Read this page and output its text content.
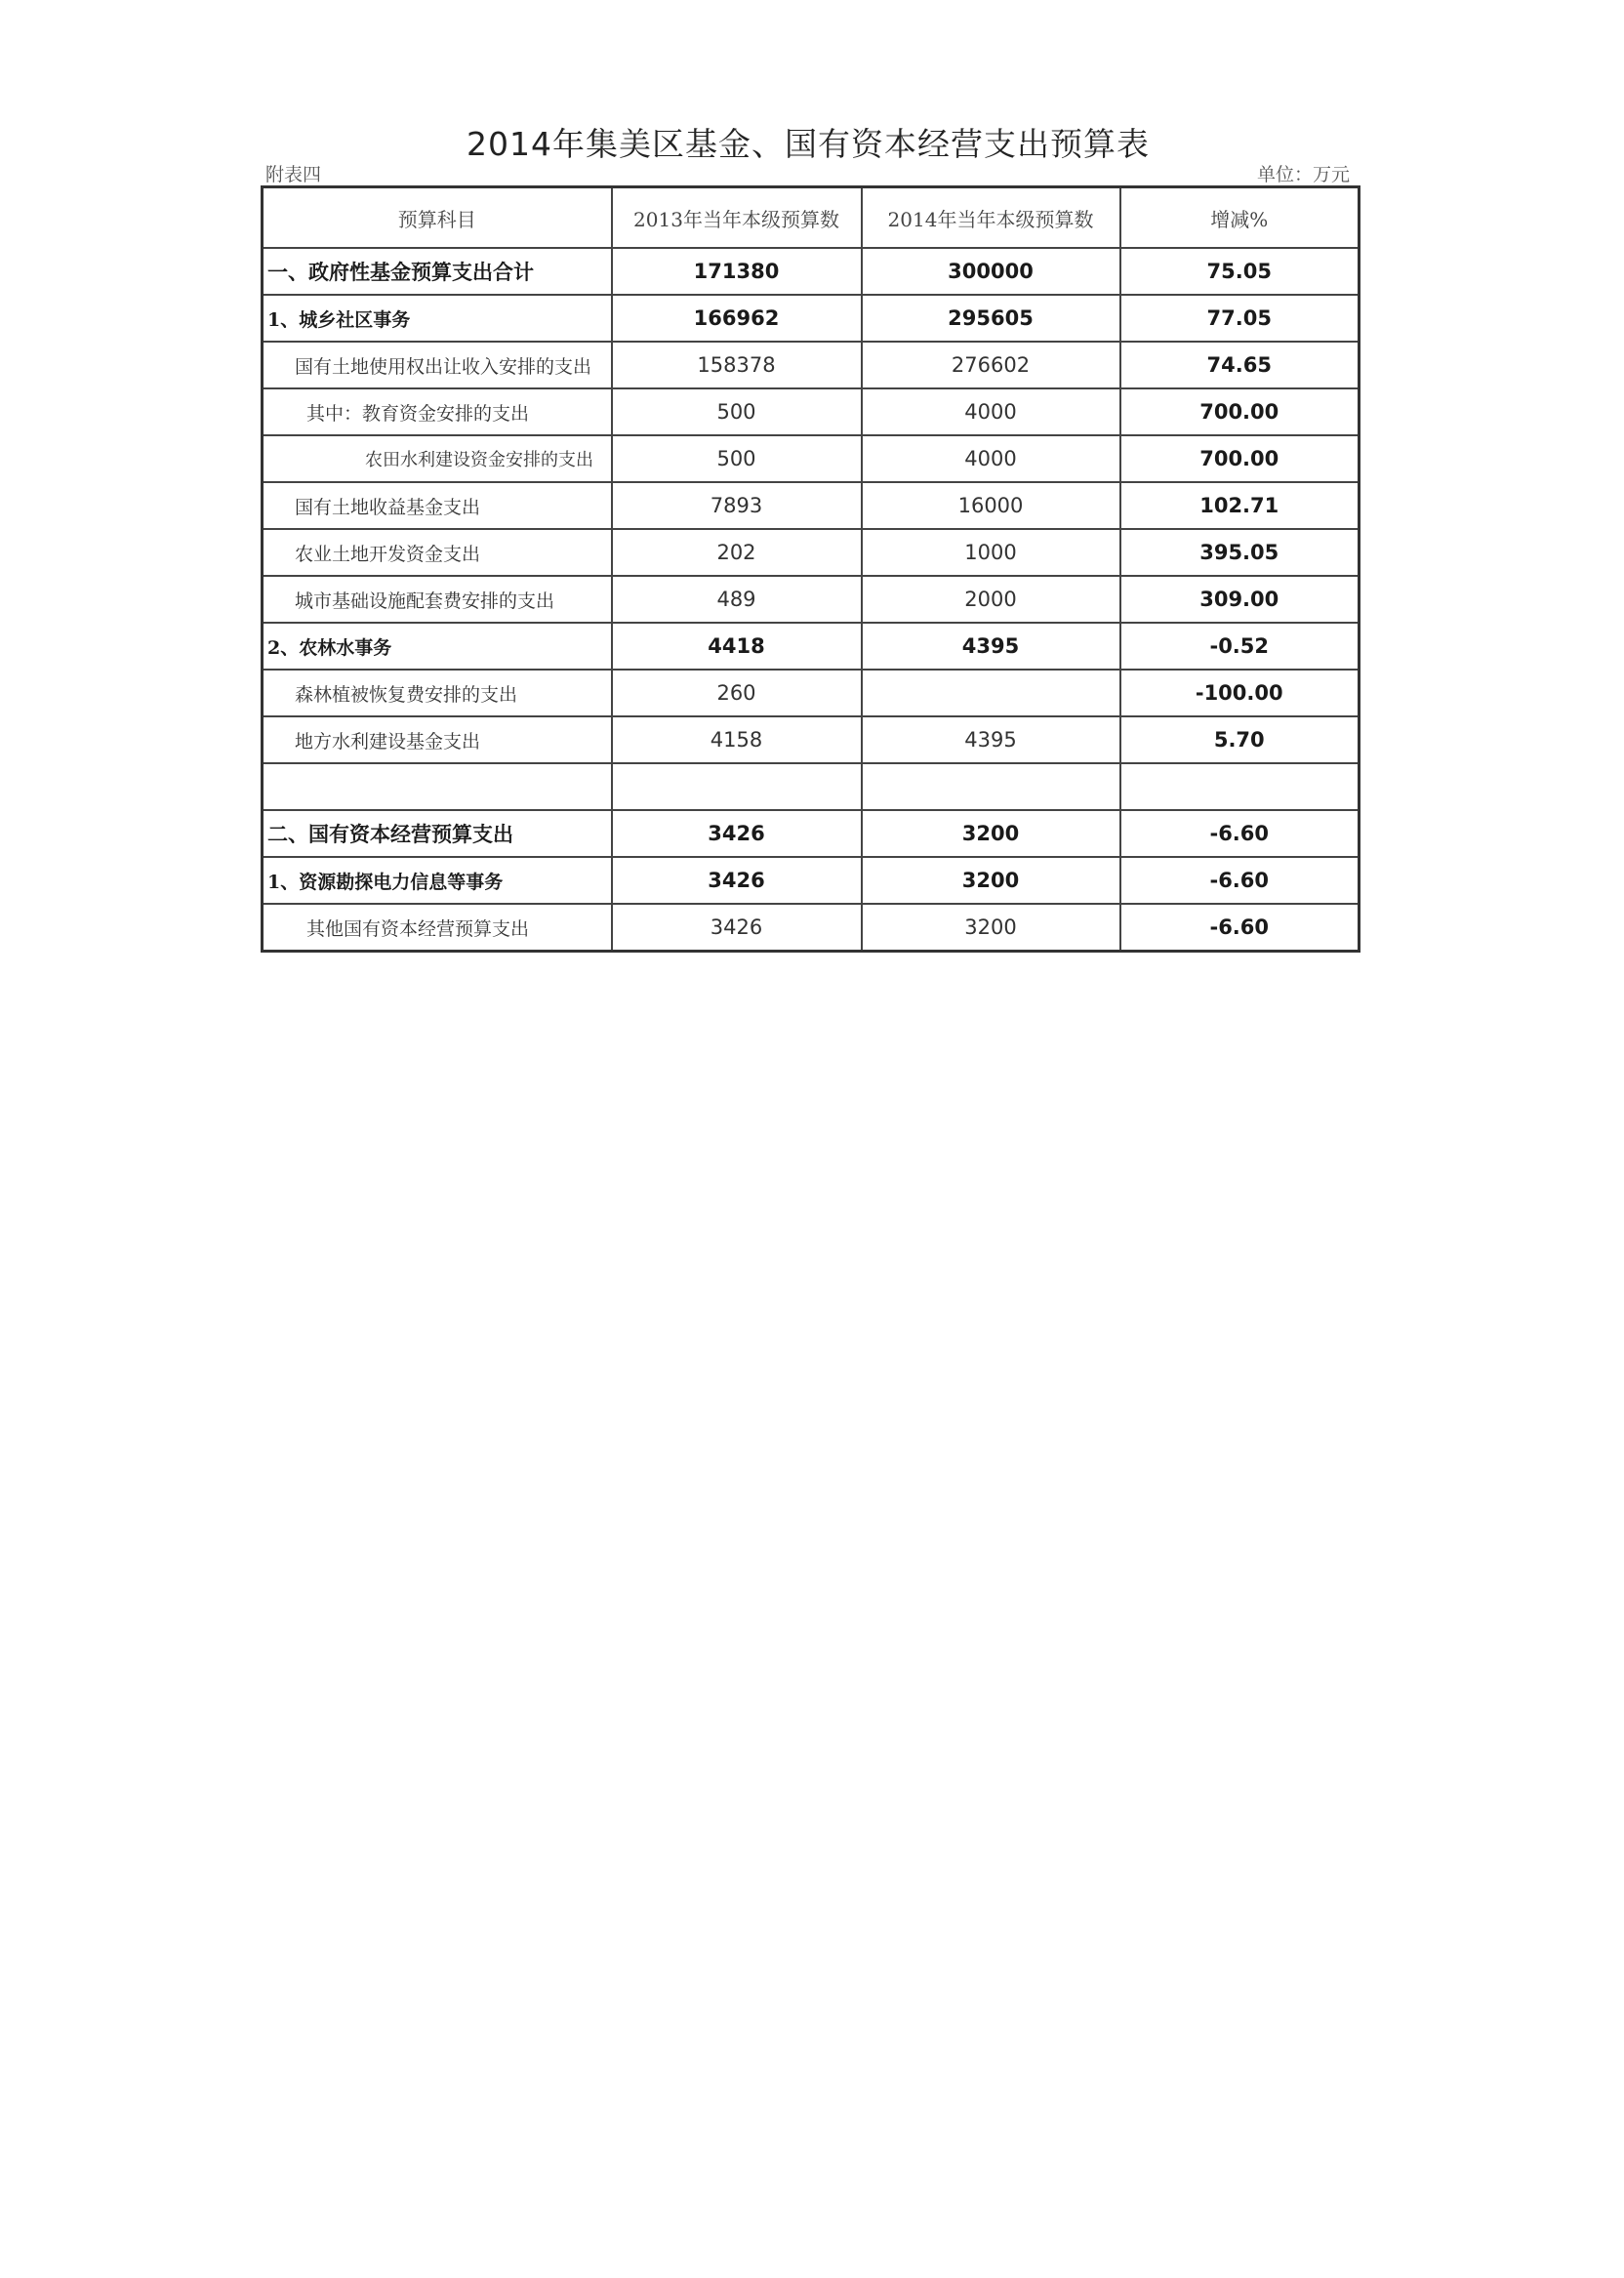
2014年集美区基金、国有资本经营支出预算表
附表四	单位：万元
预算科目	2013年当年本级预算数	2014年当年本级预算数	增减%
一、政府性基金预算支出合计	171380	300000	75.05
1、城乡社区事务	166962	295605	77.05
国有土地使用权出让收入安排的支出	158378	276602	74.65
其中：教育资金安排的支出	500	4000	700.00
农田水利建设资金安排的支出	500	4000	700.00
国有土地收益基金支出	7893	16000	102.71
农业土地开发资金支出	202	1000	395.05
城市基础设施配套费安排的支出	489	2000	309.00
2、农林水事务	4418	4395	-0.52
森林植被恢复费安排的支出	260		-100.00
地方水利建设基金支出	4158	4395	5.70

二、国有资本经营预算支出	3426	3200	-6.60
1、资源勘探电力信息等事务	3426	3200	-6.60
其他国有资本经营预算支出	3426	3200	-6.60
